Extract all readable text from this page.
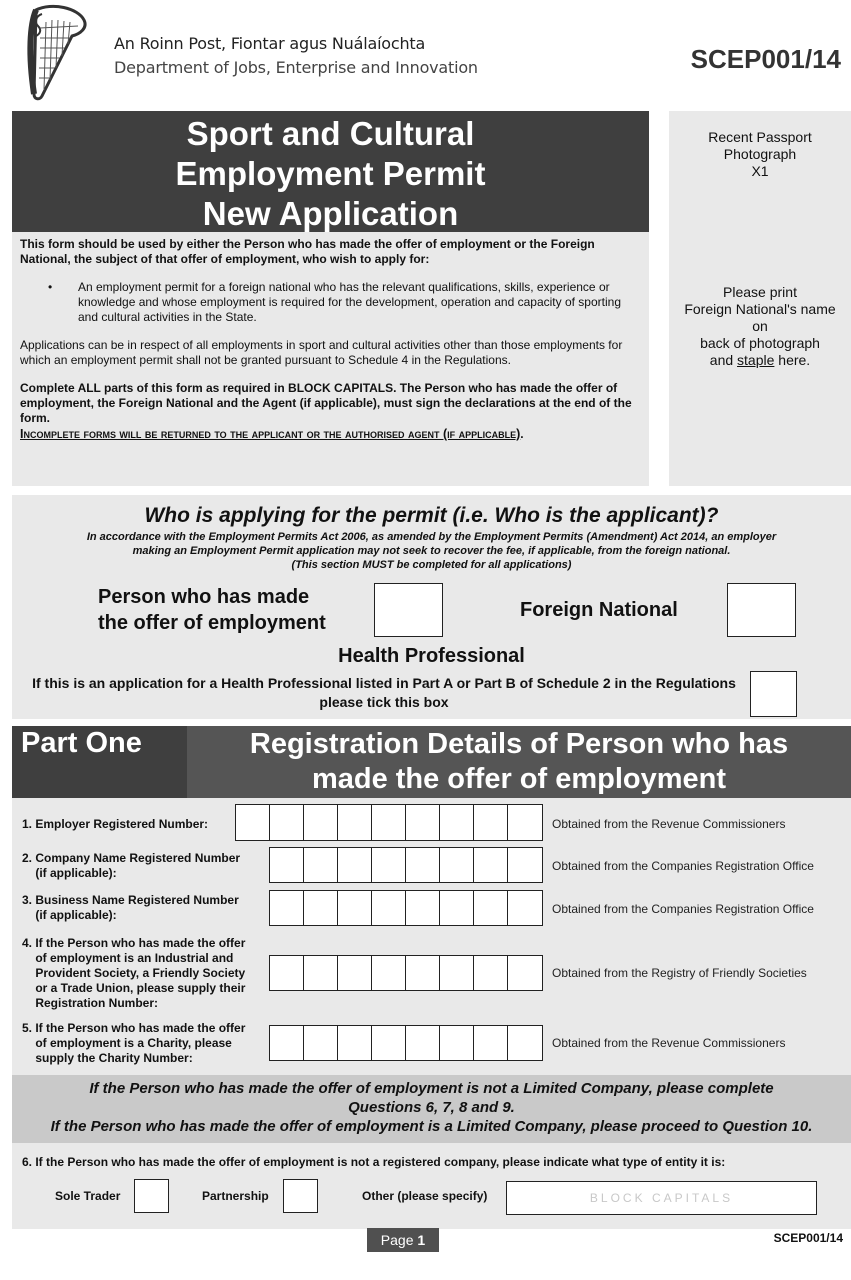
An Roinn Post, Fiontar agus Nuálaíochta
Department of Jobs, Enterprise and Innovation	SCEP001/14
Sport and Cultural
Employment Permit
New Application

This form should be used by either the Person who has made the offer of employment or the Foreign National, the subject of that offer of employment, who wish to apply for:

• An employment permit for a foreign national who has the relevant qualifications, skills, experience or knowledge and whose employment is required for the development, operation and capacity of sporting and cultural activities in the State.

Applications can be in respect of all employments in sport and cultural activities other than those employments for which an employment permit shall not be granted pursuant to Schedule 4 in the Regulations.

Complete ALL parts of this form as required in BLOCK CAPITALS. The Person who has made the offer of employment, the Foreign National and the Agent (if applicable), must sign the declarations at the end of the form.

Incomplete forms will be returned to the applicant or the authorised agent (if applicable).
Recent Passport
Photograph
X1
Please print
Foreign National's name
on
back of photograph
and staple here.
Who is applying for the permit (i.e. Who is the applicant)?
In accordance with the Employment Permits Act 2006, as amended by the Employment Permits (Amendment) Act 2014, an employer
making an Employment Permit application may not seek to recover the fee, if applicable, from the foreign national.
(This section MUST be completed for all applications)
Person who has made
the offer of employment
Foreign National
Health Professional
If this is an application for a Health Professional listed in Part A or Part B of Schedule 2 in the Regulations please tick this box
Part One	Registration Details of Person who has
made the offer of employment
1. Employer Registered Number:	Obtained from the Revenue Commissioners
2. Company Name Registered Number
(if applicable):	Obtained from the Companies Registration Office
3. Business Name Registered Number
(if applicable):	Obtained from the Companies Registration Office
4. If the Person who has made the offer
of employment is an Industrial and
Provident Society, a Friendly Society
or a Trade Union, please supply their
Registration Number:
Obtained from the Registry of Friendly Societies
5. If the Person who has made the offer
of employment is a Charity, please
supply the Charity Number:
Obtained from the Revenue Commissioners
If the Person who has made the offer of employment is not a Limited Company, please complete
Questions 6, 7, 8 and 9.
If the Person who has made the offer of employment is a Limited Company, please proceed to Question 10.
6. If the Person who has made the offer of employment is not a registered company, please indicate what type of entity it is:
Sole Trader	Partnership	Other (please specify)	BLOCK CAPITALS
Page 1	SCEP001/14
